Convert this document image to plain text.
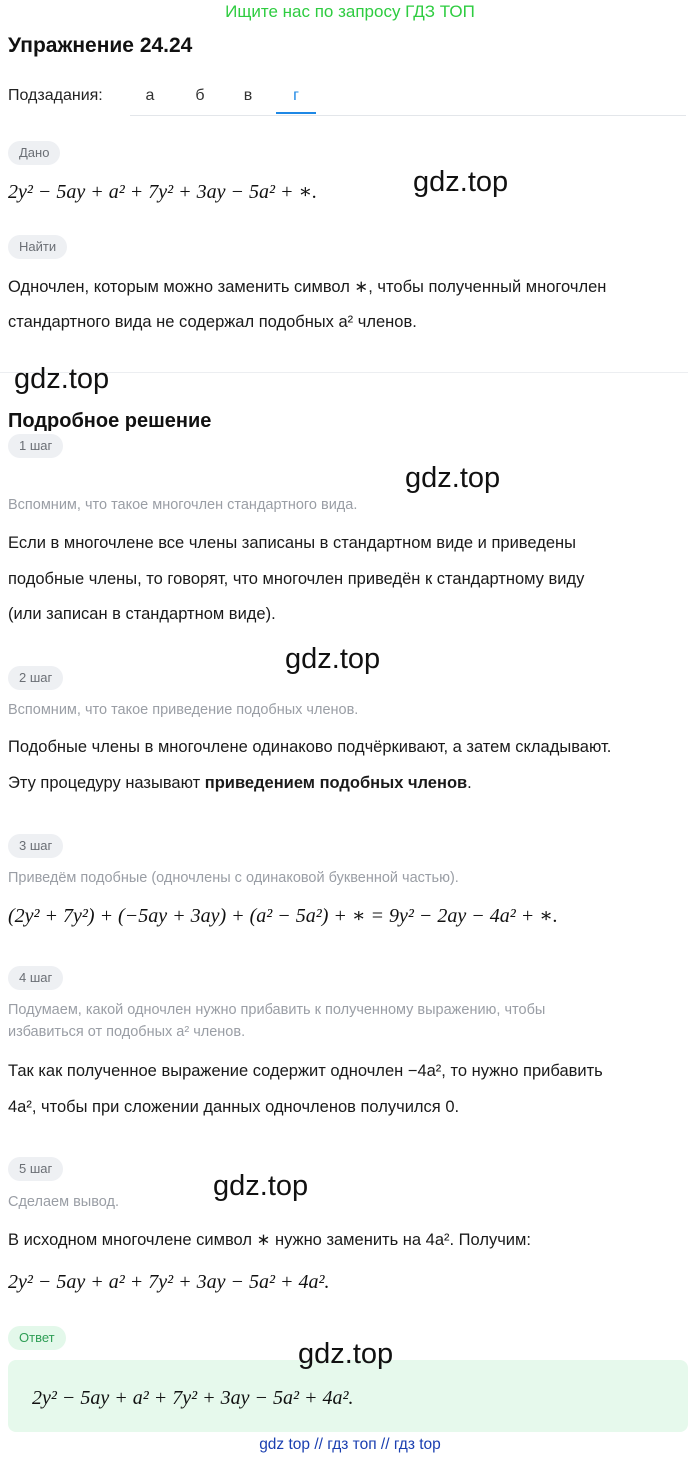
Ищите нас по запросу ГДЗ ТОП
Упражнение 24.24
Подзадания:	а	б	в	г
Дано
2y² − 5ay + a² + 7y² + 3ay − 5a² + ∗.
Найти
Одночлен, которым можно заменить символ ∗, чтобы полученный многочлен
стандартного вида не содержал подобных a² членов.
Подробное решение
1 шаг
Вспомним, что такое многочлен стандартного вида.
Если в многочлене все члены записаны в стандартном виде и приведены
подобные члены, то говорят, что многочлен приведён к стандартному виду
(или записан в стандартном виде).
2 шаг
Вспомним, что такое приведение подобных членов.
Подобные члены в многочлене одинаково подчёркивают, а затем складывают.
Эту процедуру называют приведением подобных членов.
3 шаг
Приведём подобные (одночлены с одинаковой буквенной частью).
(2y² + 7y²) + (−5ay + 3ay) + (a² − 5a²) + ∗ = 9y² − 2ay − 4a² + ∗.
4 шаг
Подумаем, какой одночлен нужно прибавить к полученному выражению, чтобы
избавиться от подобных a² членов.
Так как полученное выражение содержит одночлен −4a², то нужно прибавить
4a², чтобы при сложении данных одночленов получился 0.
5 шаг
Сделаем вывод.
В исходном многочлене символ ∗ нужно заменить на 4a². Получим:
2y² − 5ay + a² + 7y² + 3ay − 5a² + 4a².
Ответ
2y² − 5ay + a² + 7y² + 3ay − 5a² + 4a².
gdz.top
gdz.top
gdz.top
gdz.top
gdz.top
gdz.top
gdz top // гдз топ // гдз top
